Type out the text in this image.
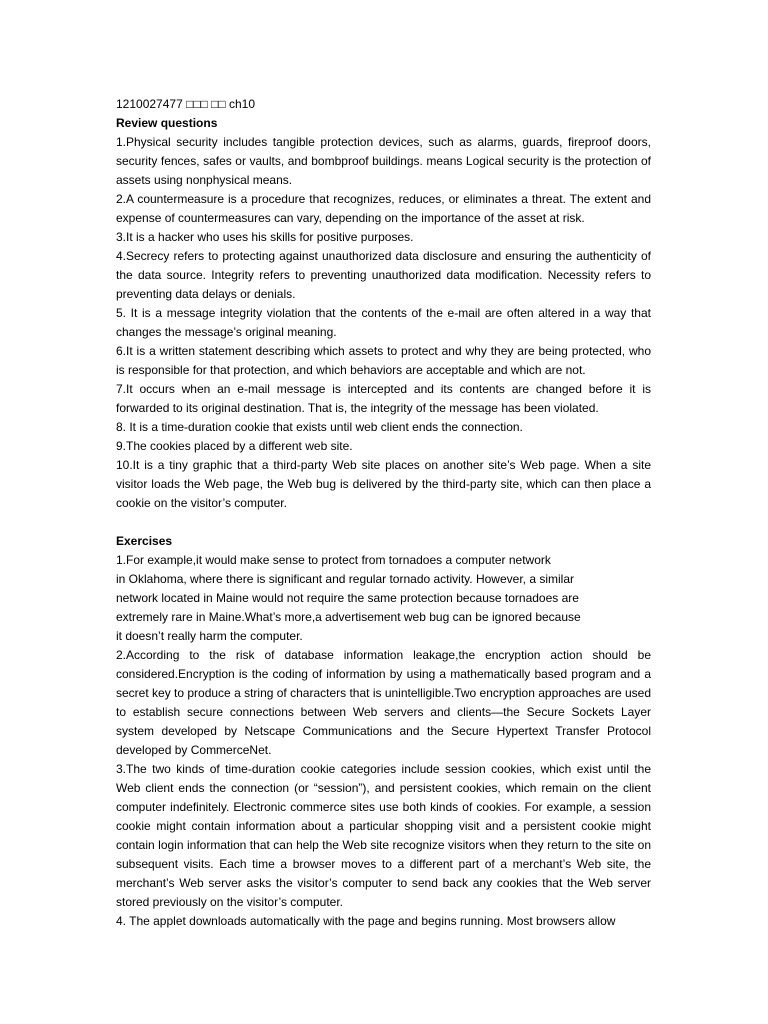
1210027477 □□□ □□ ch10

Review questions

1.Physical security includes tangible protection devices, such as alarms, guards, fireproof doors, security fences, safes or vaults, and bombproof buildings. means Logical security is the protection of assets using nonphysical means.

2.A countermeasure is a procedure that recognizes, reduces, or eliminates a threat. The extent and expense of countermeasures can vary, depending on the importance of the asset at risk.

3.It is a hacker who uses his skills for positive purposes.

4.Secrecy refers to protecting against unauthorized data disclosure and ensuring the authenticity of the data source. Integrity refers to preventing unauthorized data modification. Necessity refers to preventing data delays or denials.

5. It is a message integrity violation that the contents of the e-mail are often altered in a way that changes the message’s original meaning.

6.It is a written statement describing which assets to protect and why they are being protected, who is responsible for that protection, and which behaviors are acceptable and which are not.

7.It occurs when an e-mail message is intercepted and its contents are changed before it is forwarded to its original destination. That is, the integrity of the message has been violated.

8. It is a time-duration cookie that exists until web client ends the connection.

9.The cookies placed by a different web site.

10.It is a tiny graphic that a third-party Web site places on another site’s Web page. When a site visitor loads the Web page, the Web bug is delivered by the third-party site, which can then place a cookie on the visitor’s computer.

Exercises

1.For example,it would make sense to protect from tornadoes a computer network

in Oklahoma, where there is significant and regular tornado activity. However, a similar

network located in Maine would not require the same protection because tornadoes are

extremely rare in Maine.What’s more,a advertisement web bug can be ignored because

it doesn’t really harm the computer.

2.According to the risk of database information leakage,the encryption action should be considered.Encryption is the coding of information by using a mathematically based program and a secret key to produce a string of characters that is unintelligible.Two encryption approaches are used to establish secure connections between Web servers and clients—the Secure Sockets Layer system developed by Netscape Communications and the Secure Hypertext Transfer Protocol developed by CommerceNet.

3.The two kinds of time-duration cookie categories include session cookies, which exist until the Web client ends the connection (or “session”), and persistent cookies, which remain on the client computer indefinitely. Electronic commerce sites use both kinds of cookies. For example, a session cookie might contain information about a particular shopping visit and a persistent cookie might contain login information that can help the Web site recognize visitors when they return to the site on subsequent visits. Each time a browser moves to a different part of a merchant’s Web site, the merchant’s Web server asks the visitor’s computer to send back any cookies that the Web server stored previously on the visitor’s computer.

4. The applet downloads automatically with the page and begins running. Most browsers allow
